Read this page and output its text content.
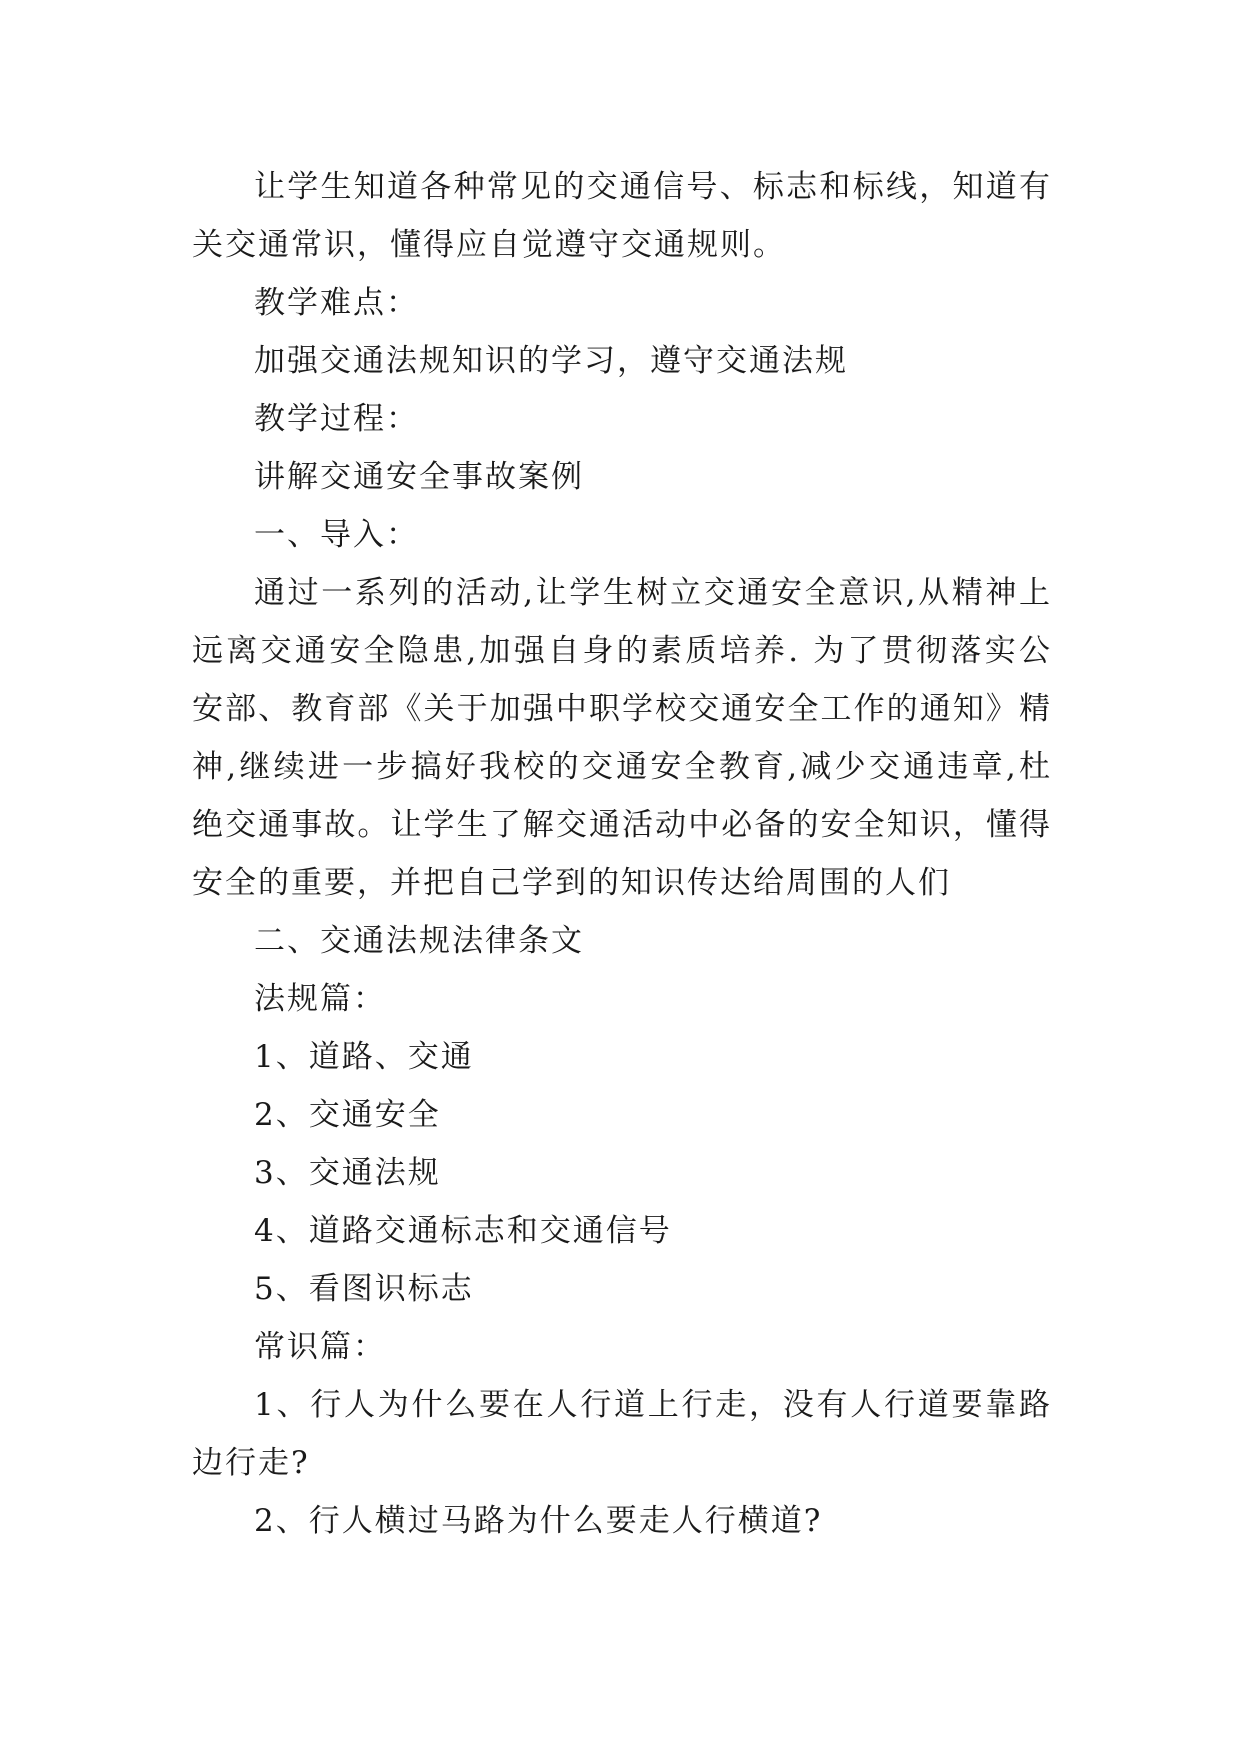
让学生知道各种常见的交通信号、标志和标线，知道有关交通常识，懂得应自觉遵守交通规则。

教学难点：

加强交通法规知识的学习，遵守交通法规

教学过程：

讲解交通安全事故案例

一、导入：

通过一系列的活动,让学生树立交通安全意识,从精神上远离交通安全隐患,加强自身的素质培养. 为了贯彻落实公安部、教育部《关于加强中职学校交通安全工作的通知》精神,继续进一步搞好我校的交通安全教育,减少交通违章,杜绝交通事故。让学生了解交通活动中必备的安全知识，懂得安全的重要，并把自己学到的知识传达给周围的人们

二、交通法规法律条文

法规篇：

1、道路、交通

2、交通安全

3、交通法规

4、道路交通标志和交通信号

5、看图识标志

常识篇：

1、行人为什么要在人行道上行走，没有人行道要靠路边行走?

2、行人横过马路为什么要走人行横道?
